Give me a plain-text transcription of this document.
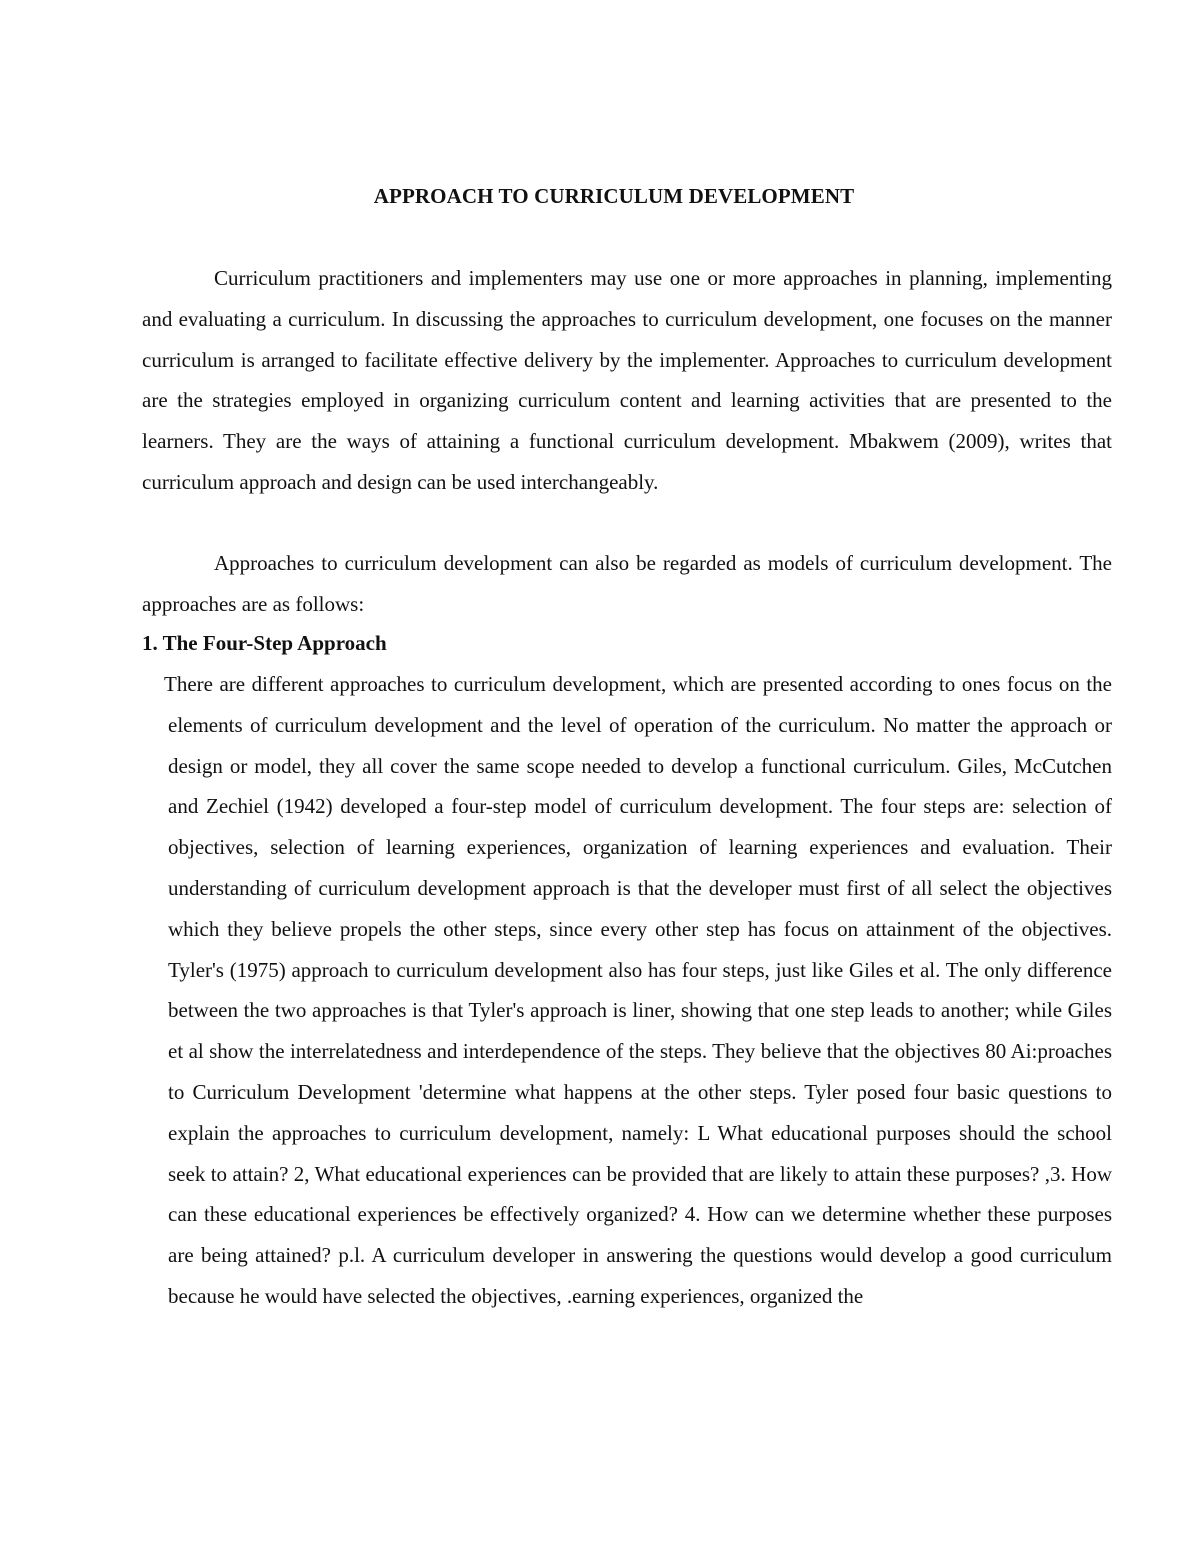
APPROACH TO CURRICULUM DEVELOPMENT

Curriculum practitioners and implementers may use one or more approaches in planning, implementing and evaluating a curriculum. In discussing the approaches to curriculum development, one focuses on the manner curriculum is arranged to facilitate effective delivery by the implementer. Approaches to curriculum development are the strategies employed in organizing curriculum content and learning activities that are presented to the learners. They are the ways of attaining a functional curriculum development. Mbakwem (2009), writes that curriculum approach and design can be used interchangeably.

Approaches to curriculum development can also be regarded as models of curriculum development. The approaches are as follows:

1. The Four-Step Approach

There are different approaches to curriculum development, which are presented according to ones focus on the elements of curriculum development and the level of operation of the curriculum. No matter the approach or design or model, they all cover the same scope needed to develop a functional curriculum. Giles, McCutchen and Zechiel (1942) developed a four-step model of curriculum development. The four steps are: selection of objectives, selection of learning experiences, organization of learning experiences and evaluation. Their understanding of curriculum development approach is that the developer must first of all select the objectives which they believe propels the other steps, since every other step has focus on attainment of the objectives. Tyler's (1975) approach to curriculum development also has four steps, just like Giles et al. The only difference between the two approaches is that Tyler's approach is liner, showing that one step leads to another; while Giles et al show the interrelatedness and interdependence of the steps. They believe that the objectives 80 Ai:proaches to Curriculum Development 'determine what happens at the other steps. Tyler posed four basic questions to explain the approaches to curriculum development, namely: L What educational purposes should the school seek to attain? 2, What educational experiences can be provided that are likely to attain these purposes? ,3. How can these educational experiences be effectively organized? 4. How can we determine whether these purposes are being attained? p.l. A curriculum developer in answering the questions would develop a good curriculum because he would have selected the objectives, .earning experiences, organized the
